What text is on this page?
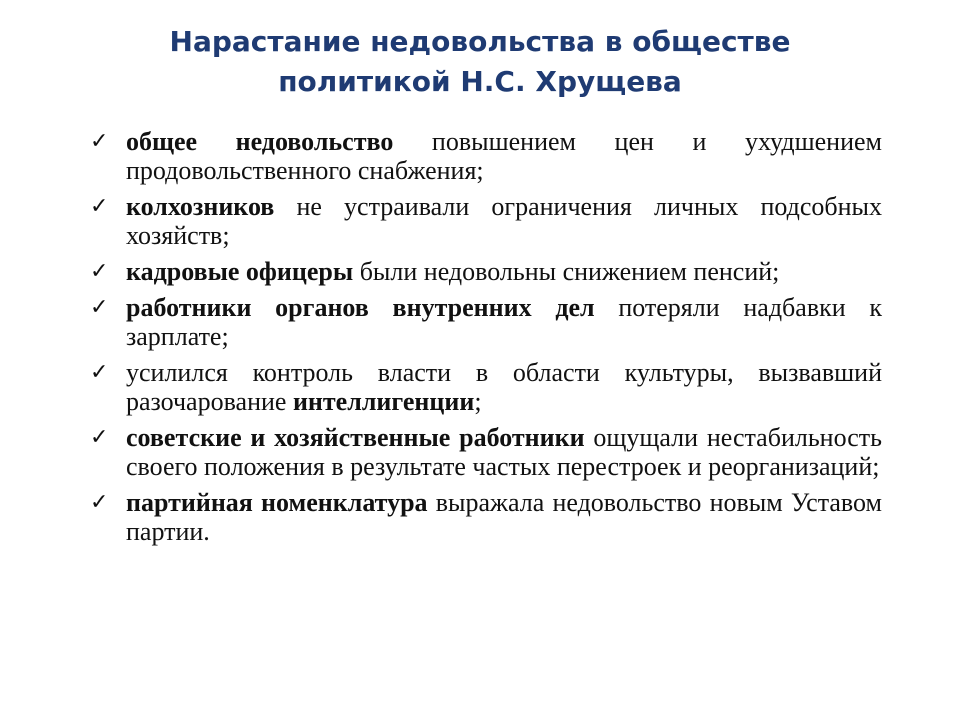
Нарастание недовольства в обществе
политикой Н.С. Хрущева
✓ общее недовольство повышением цен и ухудшением продовольственного снабжения;
✓ колхозников не устраивали ограничения личных подсобных хозяйств;
✓ кадровые офицеры были недовольны снижением пенсий;
✓ работники органов внутренних дел потеряли надбавки к зарплате;
✓ усилился контроль власти в области культуры, вызвавший разочарование интеллигенции;
✓ советские и хозяйственные работники ощущали нестабильность своего положения в результате частых перестроек и реорганизаций;
✓ партийная номенклатура выражала недовольство новым Уставом партии.
